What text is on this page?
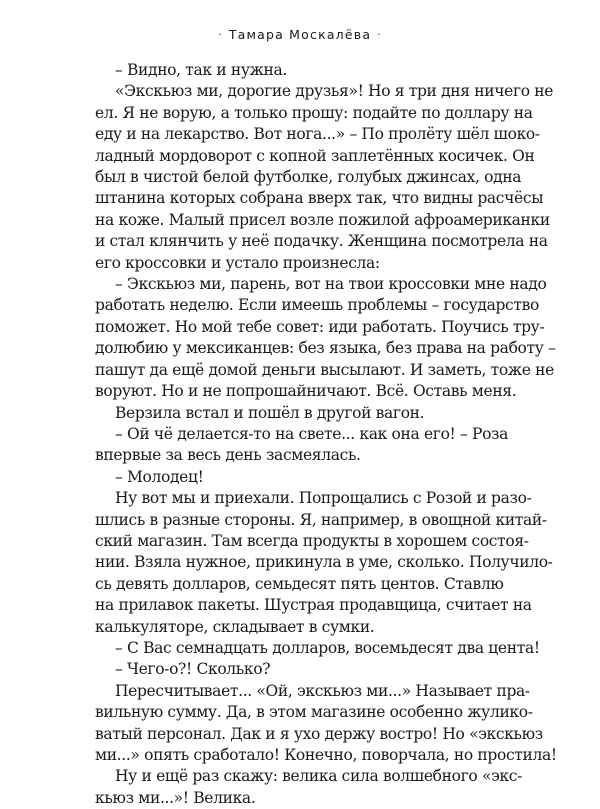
· Тамара Москалёва ·
– Видно, так и нужна.
«Экскьюз ми, дорогие друзья»! Но я три дня ничего не
ел. Я не ворую, а только прошу: подайте по доллару на
еду и на лекарство. Вот нога...» – По пролёту шёл шоко-
ладный мордоворот с копной заплетённых косичек. Он
был в чистой белой футболке, голубых джинсах, одна
штанина которых собрана вверх так, что видны расчёсы
на коже. Малый присел возле пожилой афроамериканки
и стал клянчить у неё подачку. Женщина посмотрела на
его кроссовки и устало произнесла:
– Экскьюз ми, парень, вот на твои кроссовки мне надо
работать неделю. Если имеешь проблемы – государство
поможет. Но мой тебе совет: иди работать. Поучись тру-
долюбию у мексиканцев: без языка, без права на работу –
пашут да ещё домой деньги высылают. И заметь, тоже не
воруют. Но и не попрошайничают. Всё. Оставь меня.
Верзила встал и пошёл в другой вагон.
– Ой чё делается-то на свете... как она его! – Роза
впервые за весь день засмеялась.
– Молодец!
Ну вот мы и приехали. Попрощались с Розой и разо-
шлись в разные стороны. Я, например, в овощной китай-
ский магазин. Там всегда продукты в хорошем состоя-
нии. Взяла нужное, прикинула в уме, сколько. Получило-
сь девять долларов, семьдесят пять центов. Ставлю
на прилавок пакеты. Шустрая продавщица, считает на
калькуляторе, складывает в сумки.
– С Вас семнадцать долларов, восемьдесят два цента!
– Чего-о?! Сколько?
Пересчитывает... «Ой, экскьюз ми...» Называет пра-
вильную сумму. Да, в этом магазине особенно жулико-
ватый персонал. Дак и я ухо держу востро! Но «экскьюз
ми...» опять сработало! Конечно, поворчала, но простила!
Ну и ещё раз скажу: велика сила волшебного «экс-
кьюз ми...»! Велика.
